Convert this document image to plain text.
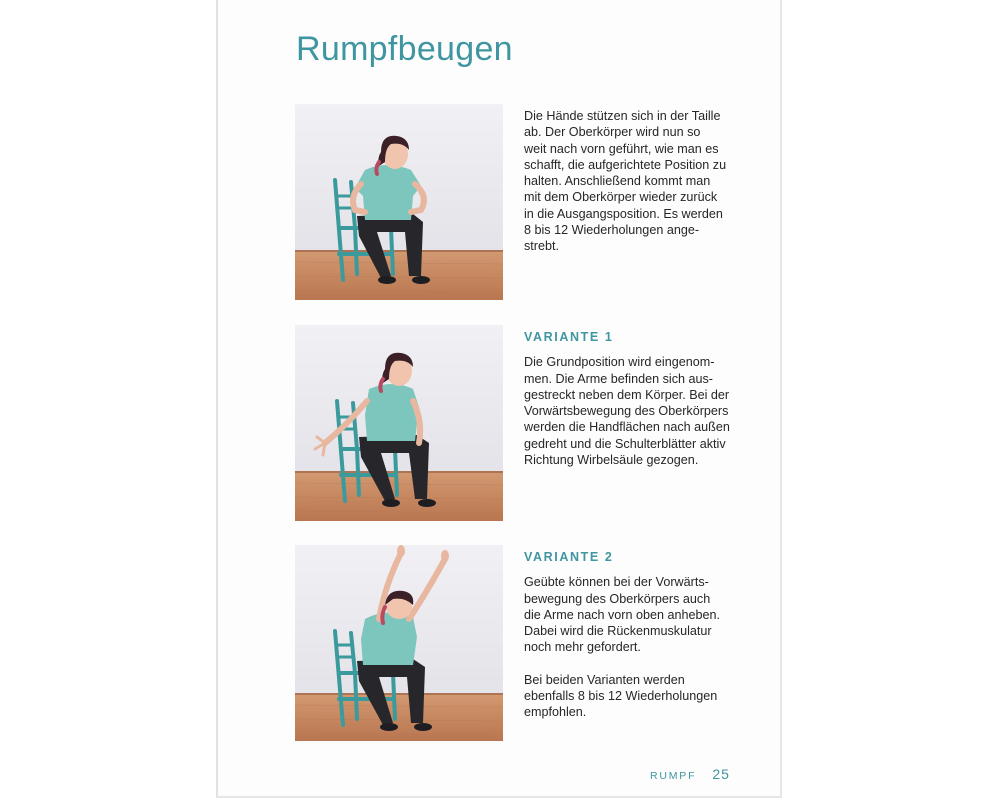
Rumpfbeugen

Die Hände stützen sich in der Taille
ab. Der Oberkörper wird nun so
weit nach vorn geführt, wie man es
schafft, die aufgerichtete Position zu
halten. Anschließend kommt man
mit dem Oberkörper wieder zurück
in die Ausgangsposition. Es werden
8 bis 12 Wiederholungen ange-
strebt.

VARIANTE 1

Die Grundposition wird eingenom-
men. Die Arme befinden sich aus-
gestreckt neben dem Körper. Bei der
Vorwärtsbewegung des Oberkörpers
werden die Handflächen nach außen
gedreht und die Schulterblätter aktiv
Richtung Wirbelsäule gezogen.

VARIANTE 2

Geübte können bei der Vorwärts-
bewegung des Oberkörpers auch
die Arme nach vorn oben anheben.
Dabei wird die Rückenmuskulatur
noch mehr gefordert.

Bei beiden Varianten werden
ebenfalls 8 bis 12 Wiederholungen
empfohlen.

RUMPF 25
